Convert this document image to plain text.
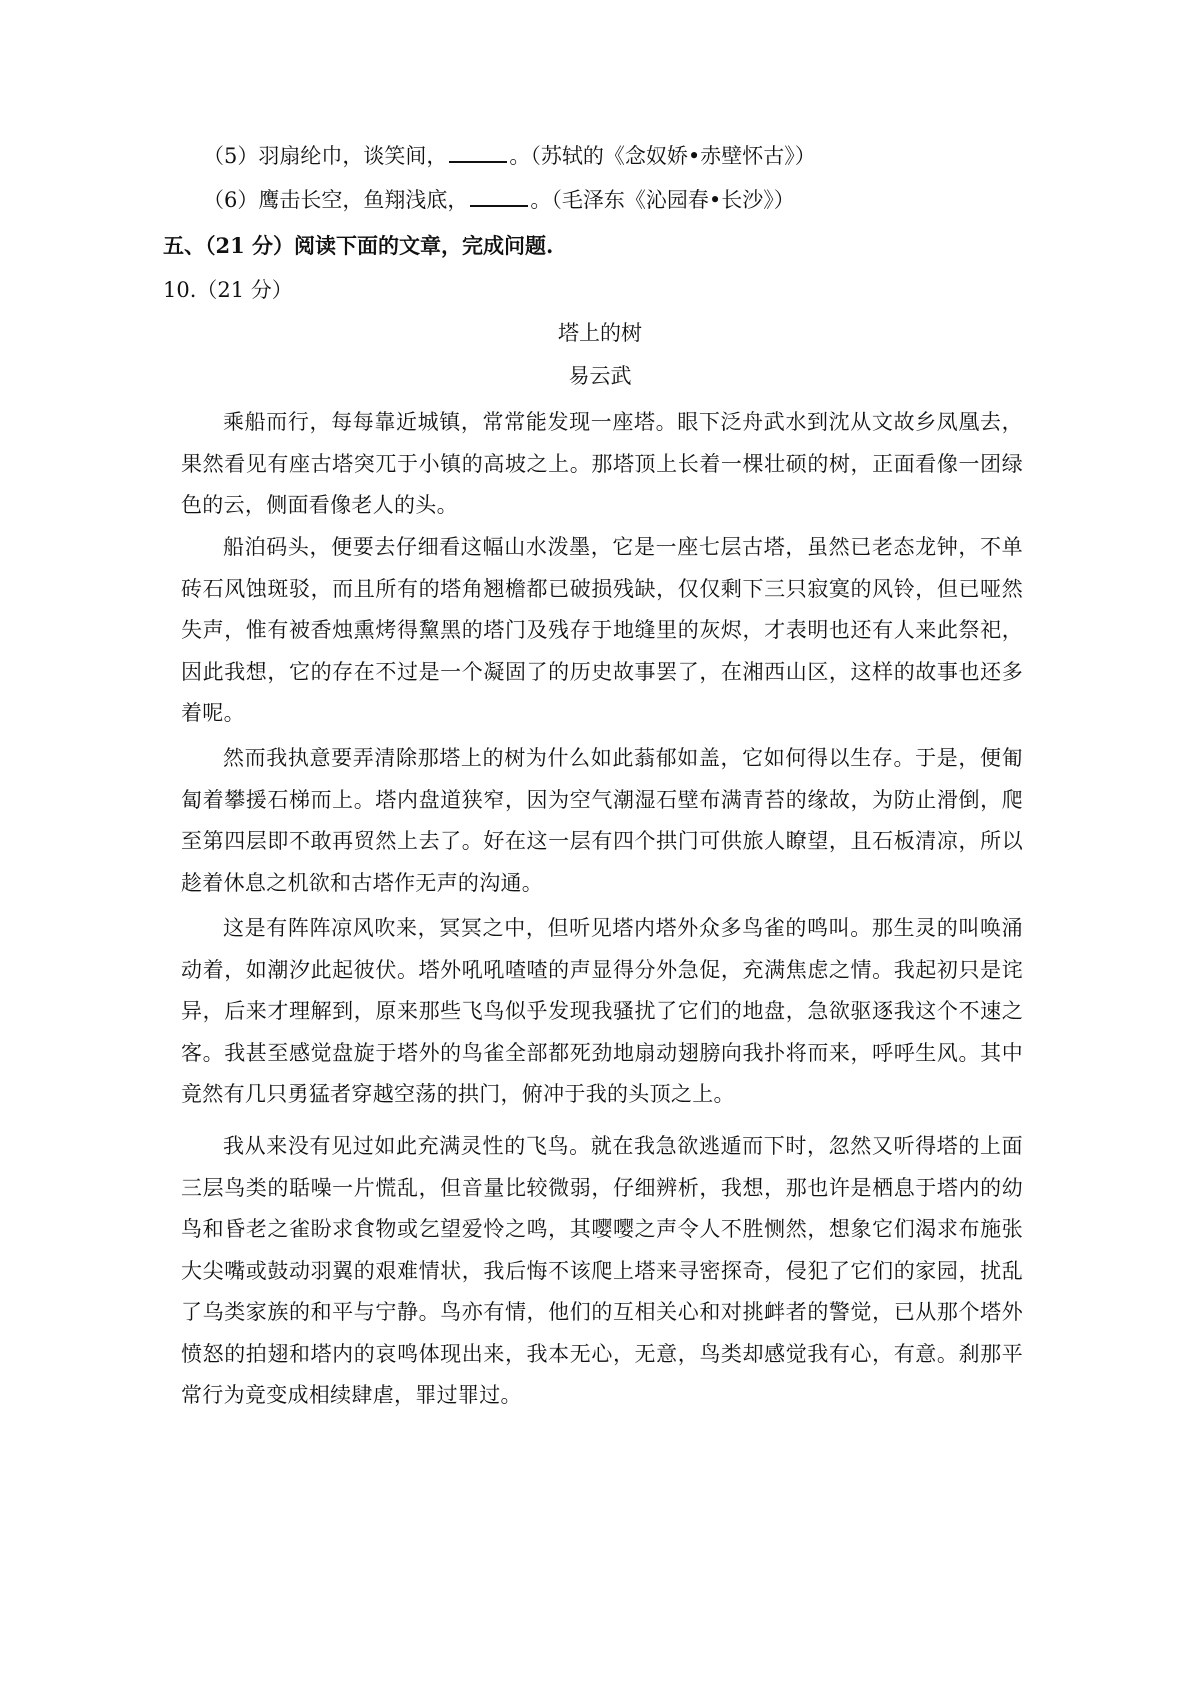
（5）羽扇纶巾，谈笑间，	。（苏轼的《念奴娇•赤壁怀古》）
（6）鹰击长空，鱼翔浅底，	。（毛泽东《沁园春•长沙》）
五、（21 分）阅读下面的文章，完成问题.
10.（21 分）
塔上的树
易云武
乘船而行，每每靠近城镇，常常能发现一座塔。眼下泛舟武水到沈从文故乡凤凰去，果然看见有座古塔突兀于小镇的高坡之上。那塔顶上长着一棵壮硕的树，正面看像一团绿色的云，侧面看像老人的头。
船泊码头，便要去仔细看这幅山水泼墨，它是一座七层古塔，虽然已老态龙钟，不单砖石风蚀斑驳，而且所有的塔角翘檐都已破损残缺，仅仅剩下三只寂寞的风铃，但已哑然失声，惟有被香烛熏烤得黧黑的塔门及残存于地缝里的灰烬，才表明也还有人来此祭祀，因此我想，它的存在不过是一个凝固了的历史故事罢了，在湘西山区，这样的故事也还多着呢。
然而我执意要弄清除那塔上的树为什么如此蓊郁如盖，它如何得以生存。于是，便匍匐着攀援石梯而上。塔内盘道狭窄，因为空气潮湿石壁布满青苔的缘故，为防止滑倒，爬至第四层即不敢再贸然上去了。好在这一层有四个拱门可供旅人瞭望，且石板清凉，所以趁着休息之机欲和古塔作无声的沟通。
这是有阵阵凉风吹来，冥冥之中，但听见塔内塔外众多鸟雀的鸣叫。那生灵的叫唤涌动着，如潮汐此起彼伏。塔外吼吼喳喳的声显得分外急促，充满焦虑之情。我起初只是诧异，后来才理解到，原来那些飞鸟似乎发现我骚扰了它们的地盘，急欲驱逐我这个不速之客。我甚至感觉盘旋于塔外的鸟雀全部都死劲地扇动翅膀向我扑将而来，呼呼生风。其中竟然有几只勇猛者穿越空荡的拱门，俯冲于我的头顶之上。
我从来没有见过如此充满灵性的飞鸟。就在我急欲逃遁而下时，忽然又听得塔的上面三层鸟类的聒噪一片慌乱，但音量比较微弱，仔细辨析，我想，那也许是栖息于塔内的幼鸟和昏老之雀盼求食物或乞望爱怜之鸣，其嘤嘤之声令人不胜恻然，想象它们渴求布施张大尖嘴或鼓动羽翼的艰难情状，我后悔不该爬上塔来寻密探奇，侵犯了它们的家园，扰乱了乌类家族的和平与宁静。鸟亦有情，他们的互相关心和对挑衅者的警觉，已从那个塔外愤怒的拍翅和塔内的哀鸣体现出来，我本无心，无意，鸟类却感觉我有心，有意。刹那平常行为竟变成相续肆虐，罪过罪过。
